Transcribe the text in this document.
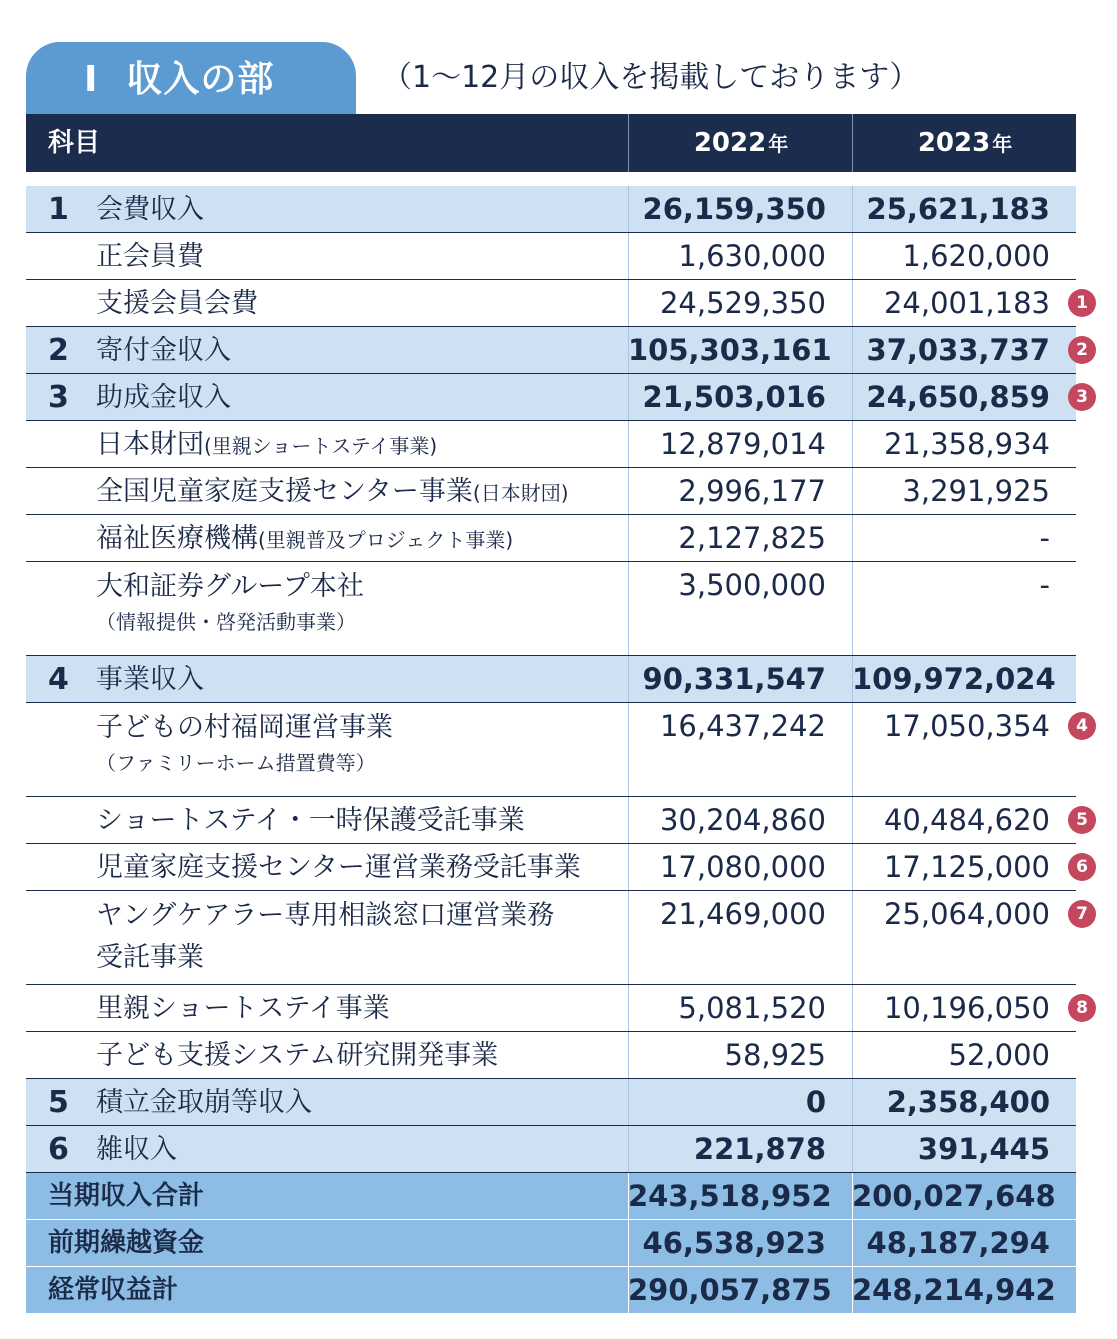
Ⅰ 収入の部	（1〜12月の収入を掲載しております）
科目	2022 年	2023 年
1 会費収入	26,159,350	25,621,183
正会員費	1,630,000	1,620,000
支援会員会費	24,529,350	24,001,183	1
2 寄付金収入	105,303,161	37,033,737	2
3 助成金収入	21,503,016	24,650,859	3
日本財団(里親ショートステイ事業)	12,879,014	21,358,934
全国児童家庭支援センター事業(日本財団)	2,996,177	3,291,925
福祉医療機構(里親普及プロジェクト事業)	2,127,825	-
大和証券グループ本社
（情報提供・啓発活動事業）
3,500,000	-
4 事業収入	90,331,547 109,972,024
子どもの村福岡運営事業
（ファミリーホーム措置費等）
16,437,242	17,050,354	4
ショートステイ・一時保護受託事業	30,204,860	40,484,620	5
児童家庭支援センター運営業務受託事業	17,080,000	17,125,000	6
ヤングケアラー専用相談窓口運営業務
受託事業
21,469,000	25,064,000	7
里親ショートステイ事業	5,081,520	10,196,050	8
子ども支援システム研究開発事業	58,925	52,000
5 積立金取崩等収入	0	2,358,400
6 雑収入	221,878	391,445
当期収入合計	243,518,952 200,027,648
前期繰越資金	46,538,923	48,187,294
経常収益計	290,057,875 248,214,942
